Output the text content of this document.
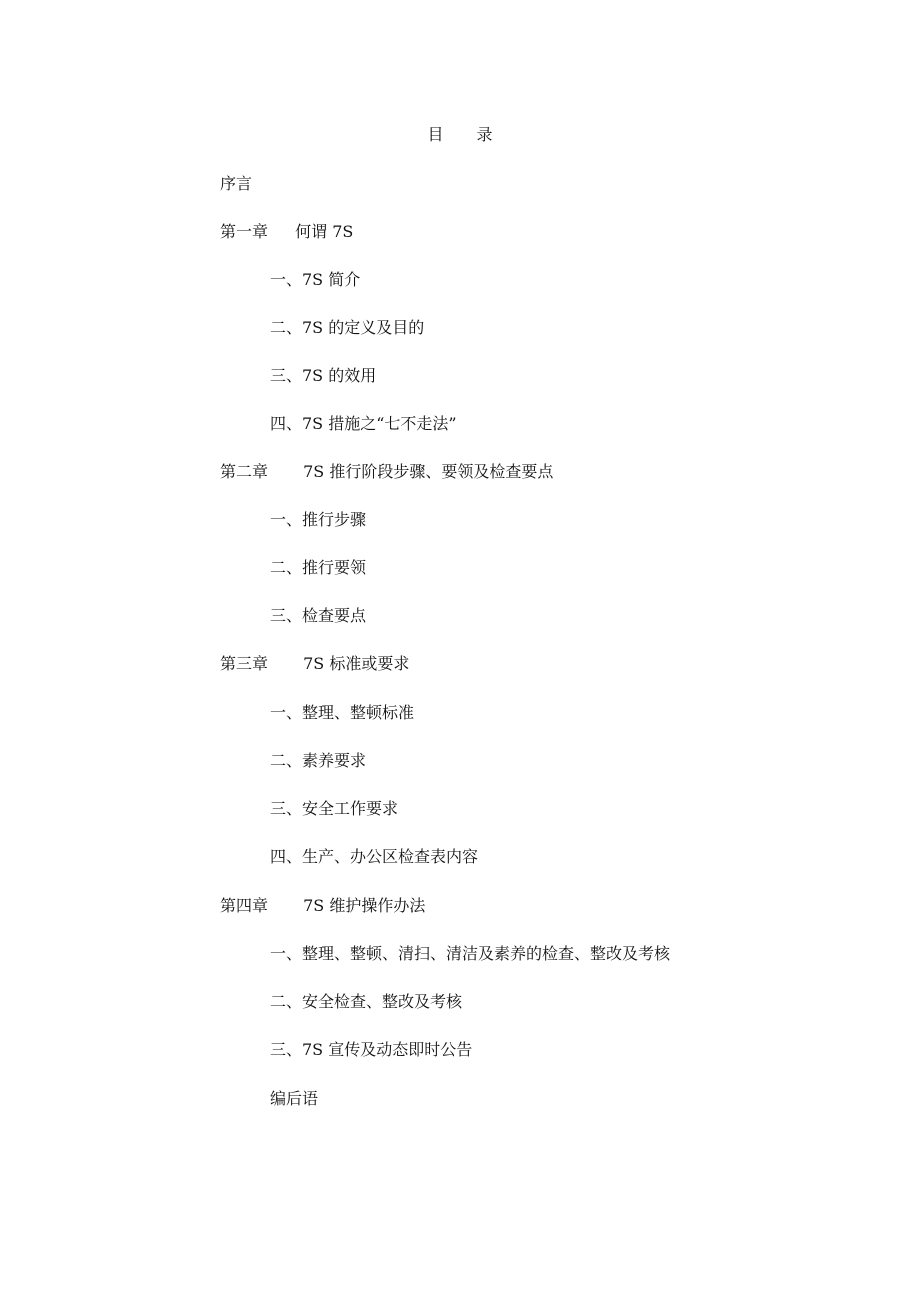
目 录
序言
第一章 何谓 7S
一、7S 简介
二、7S 的定义及目的
三、7S 的效用
四、7S 措施之“七不走法”
第二章 7S 推行阶段步骤、要领及检查要点
一、推行步骤
二、推行要领
三、检查要点
第三章 7S 标准或要求
一、整理、整顿标准
二、素养要求
三、安全工作要求
四、生产、办公区检查表内容
第四章 7S 维护操作办法
一、整理、整顿、清扫、清洁及素养的检查、整改及考核
二、安全检查、整改及考核
三、7S 宣传及动态即时公告
编后语
